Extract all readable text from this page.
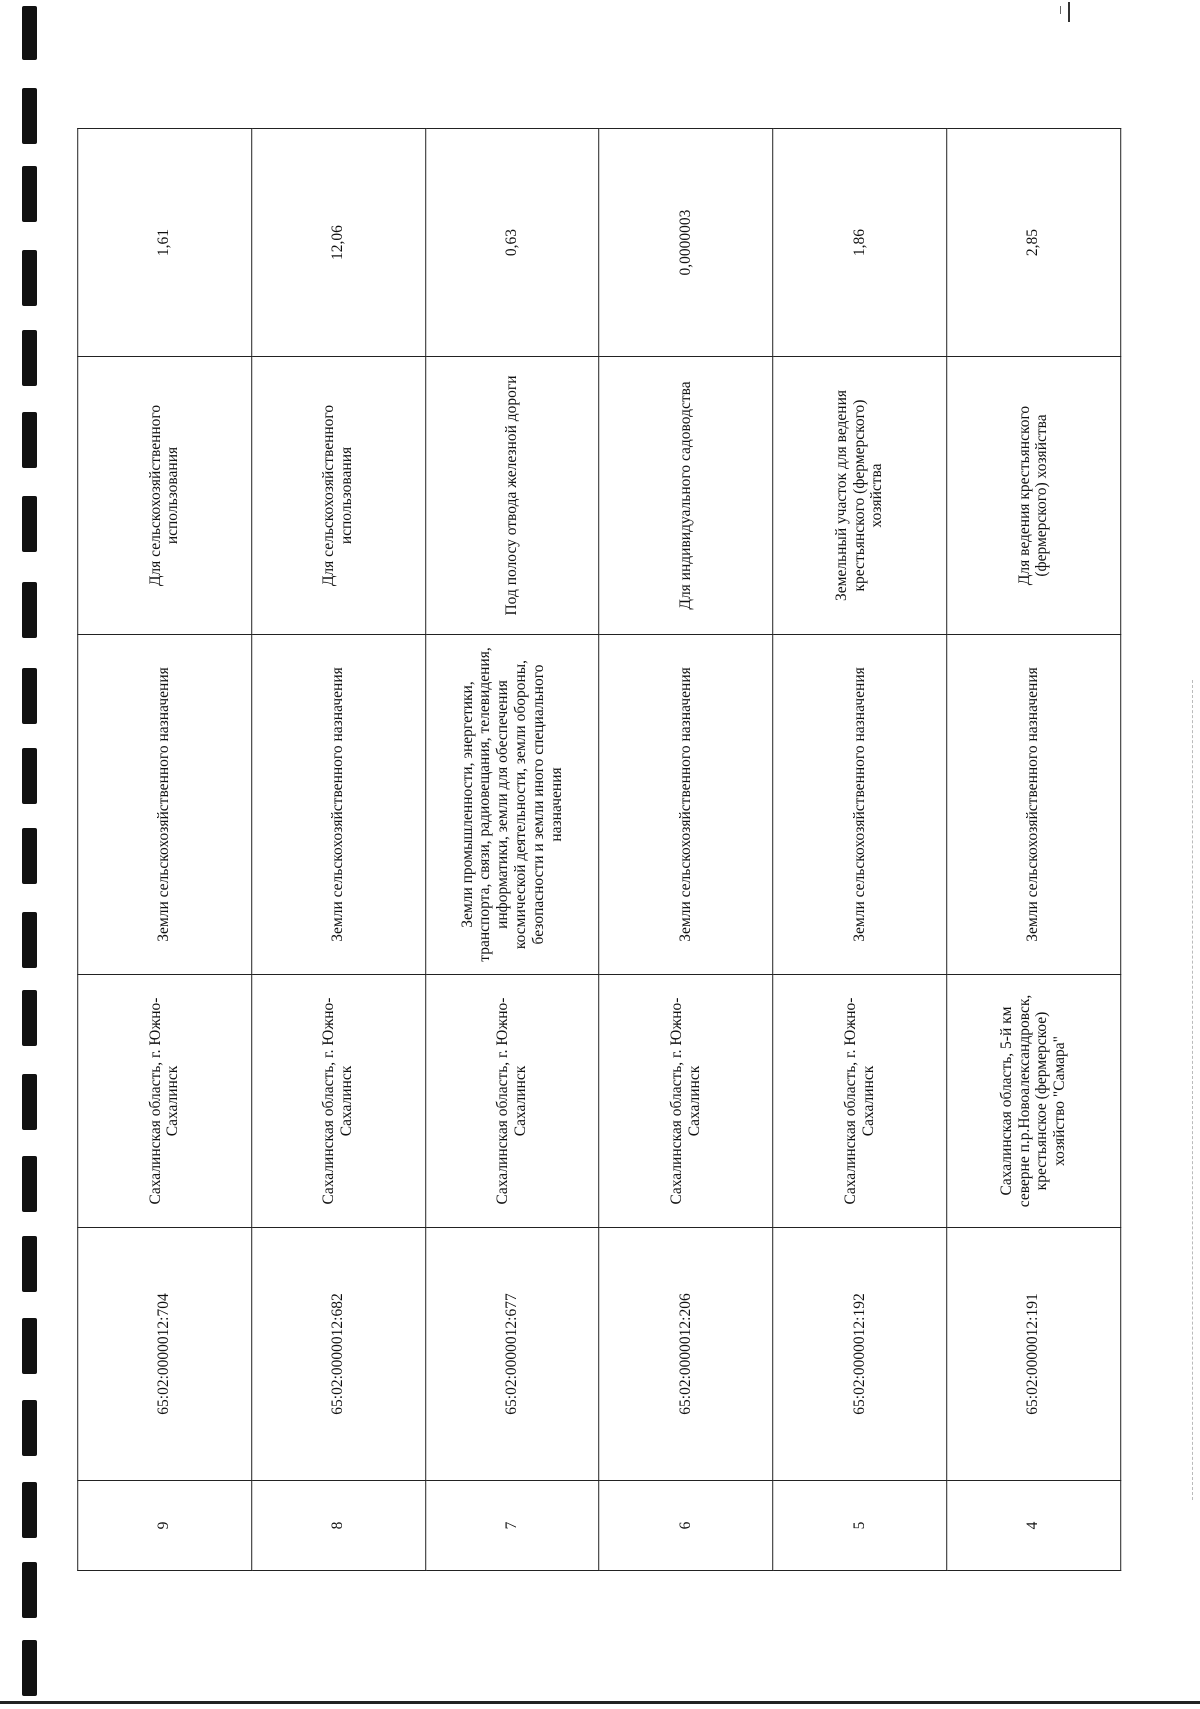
9	65:02:0000012:704	Сахалинская область, г. Южно-Сахалинск	Земли сельскохозяйственного назначения	Для сельскохозяйственного использования	1,61
8	65:02:0000012:682	Сахалинская область, г. Южно-Сахалинск	Земли сельскохозяйственного назначения	Для сельскохозяйственного использования	12,06
7	65:02:0000012:677	Сахалинская область, г. Южно-Сахалинск	Земли промышленности, энергетики, транспорта, связи, радиовещания, телевидения, информатики, земли для обеспечения космической деятельности, земли обороны, безопасности и земли иного специального назначения	Под полосу отвода железной дороги	0,63
6	65:02:0000012:206	Сахалинская область, г. Южно-Сахалинск	Земли сельскохозяйственного назначения	Для индивидуального садоводства	0,0000003
5	65:02:0000012:192	Сахалинская область, г. Южно-Сахалинск	Земли сельскохозяйственного назначения	Земельный участок для ведения крестьянского (фермерского) хозяйства	1,86
4	65:02:0000012:191	Сахалинская область, 5-й км северне п.р.Новоалександровск, крестьянское (фермерское) хозяйство "Самара"	Земли сельскохозяйственного назначения	Для ведения крестьянского (фермерского) хозяйства	2,85
